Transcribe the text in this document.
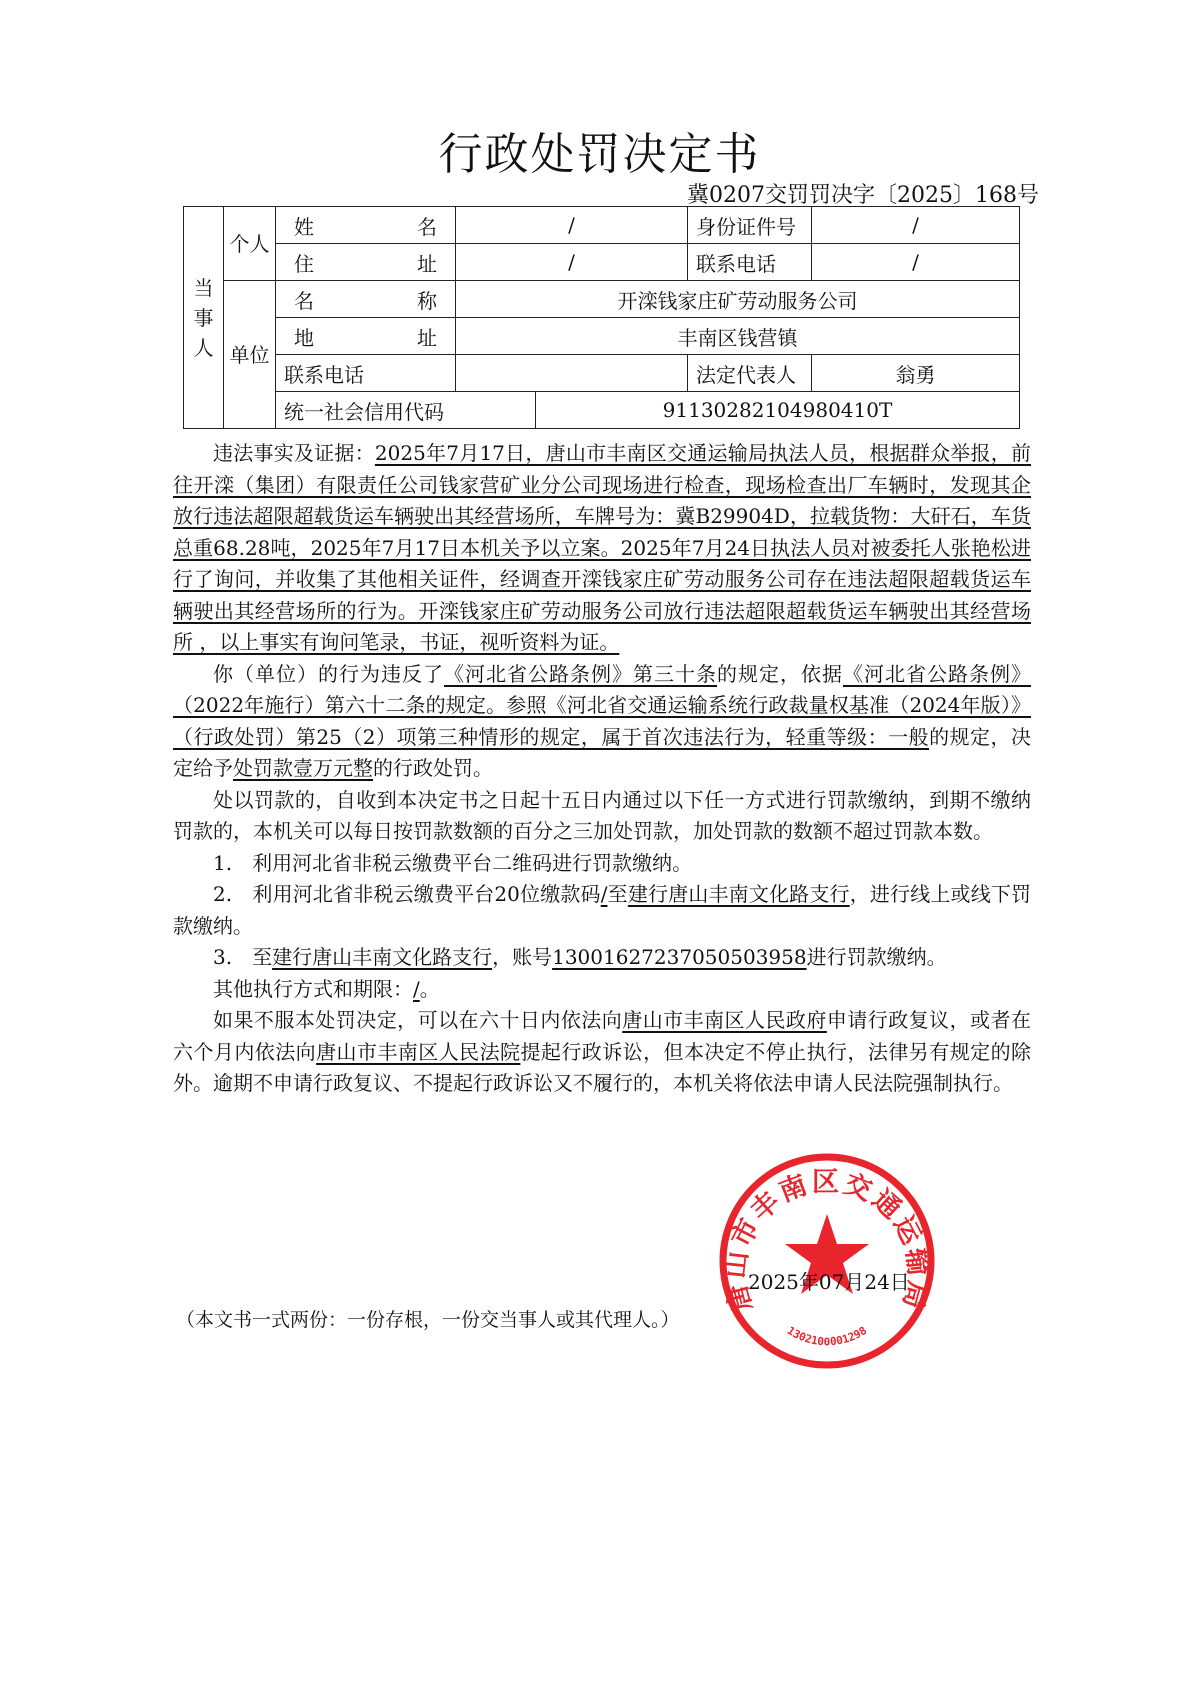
行政处罚决定书
冀0207交罚罚决字〔2025〕168号
当事人	个人	姓 名	/		身份证件号	/

		住 址	/		联系电话	/
	单位	名 称	开滦钱家庄矿劳动服务公司			

		地 址	丰南区钱营镇			
		联系电话			法定代表人	翁勇
		统一社会信用代码		91130282104980410T		

违法事实及证据：2025年7月17日，唐山市丰南区交通运输局执法人员，根据群众举报，前往开滦（集团）有限责任公司钱家营矿业分公司现场进行检查，现场检查出厂车辆时，发现其企放行违法超限超载货运车辆驶出其经营场所，车牌号为：冀B29904D，拉载货物：大矸石，车货总重68.28吨，2025年7月17日本机关予以立案。2025年7月24日执法人员对被委托人张艳松进行了询问，并收集了其他相关证件，经调查开滦钱家庄矿劳动服务公司存在违法超限超载货运车辆驶出其经营场所的行为。开滦钱家庄矿劳动服务公司放行违法超限超载货运车辆驶出其经营场所 ，以上事实有询问笔录，书证，视听资料为证。

你（单位）的行为违反了《河北省公路条例》第三十条的规定，依据《河北省公路条例》（2022年施行）第六十二条的规定。参照《河北省交通运输系统行政裁量权基准（2024年版）》（行政处罚）第25（2）项第三种情形的规定，属于首次违法行为，轻重等级：一般的规定，决定给予处罚款壹万元整的行政处罚。

处以罚款的，自收到本决定书之日起十五日内通过以下任一方式进行罚款缴纳，到期不缴纳罚款的，本机关可以每日按罚款数额的百分之三加处罚款，加处罚款的数额不超过罚款本数。

1.　利用河北省非税云缴费平台二维码进行罚款缴纳。

2.　利用河北省非税云缴费平台20位缴款码/至建行唐山丰南文化路支行，进行线上或线下罚款缴纳。

3.　至建行唐山丰南文化路支行，账号13001627237050503958进行罚款缴纳。

其他执行方式和期限：/。

如果不服本处罚决定，可以在六十日内依法向唐山市丰南区人民政府申请行政复议，或者在六个月内依法向唐山市丰南区人民法院提起行政诉讼，但本决定不停止执行，法律另有规定的除外。逾期不申请行政复议、不提起行政诉讼又不履行的，本机关将依法申请人民法院强制执行。

唐山市丰南区交通运输局
1302100001298
2025年07月24日
（本文书一式两份：一份存根，一份交当事人或其代理人。）
